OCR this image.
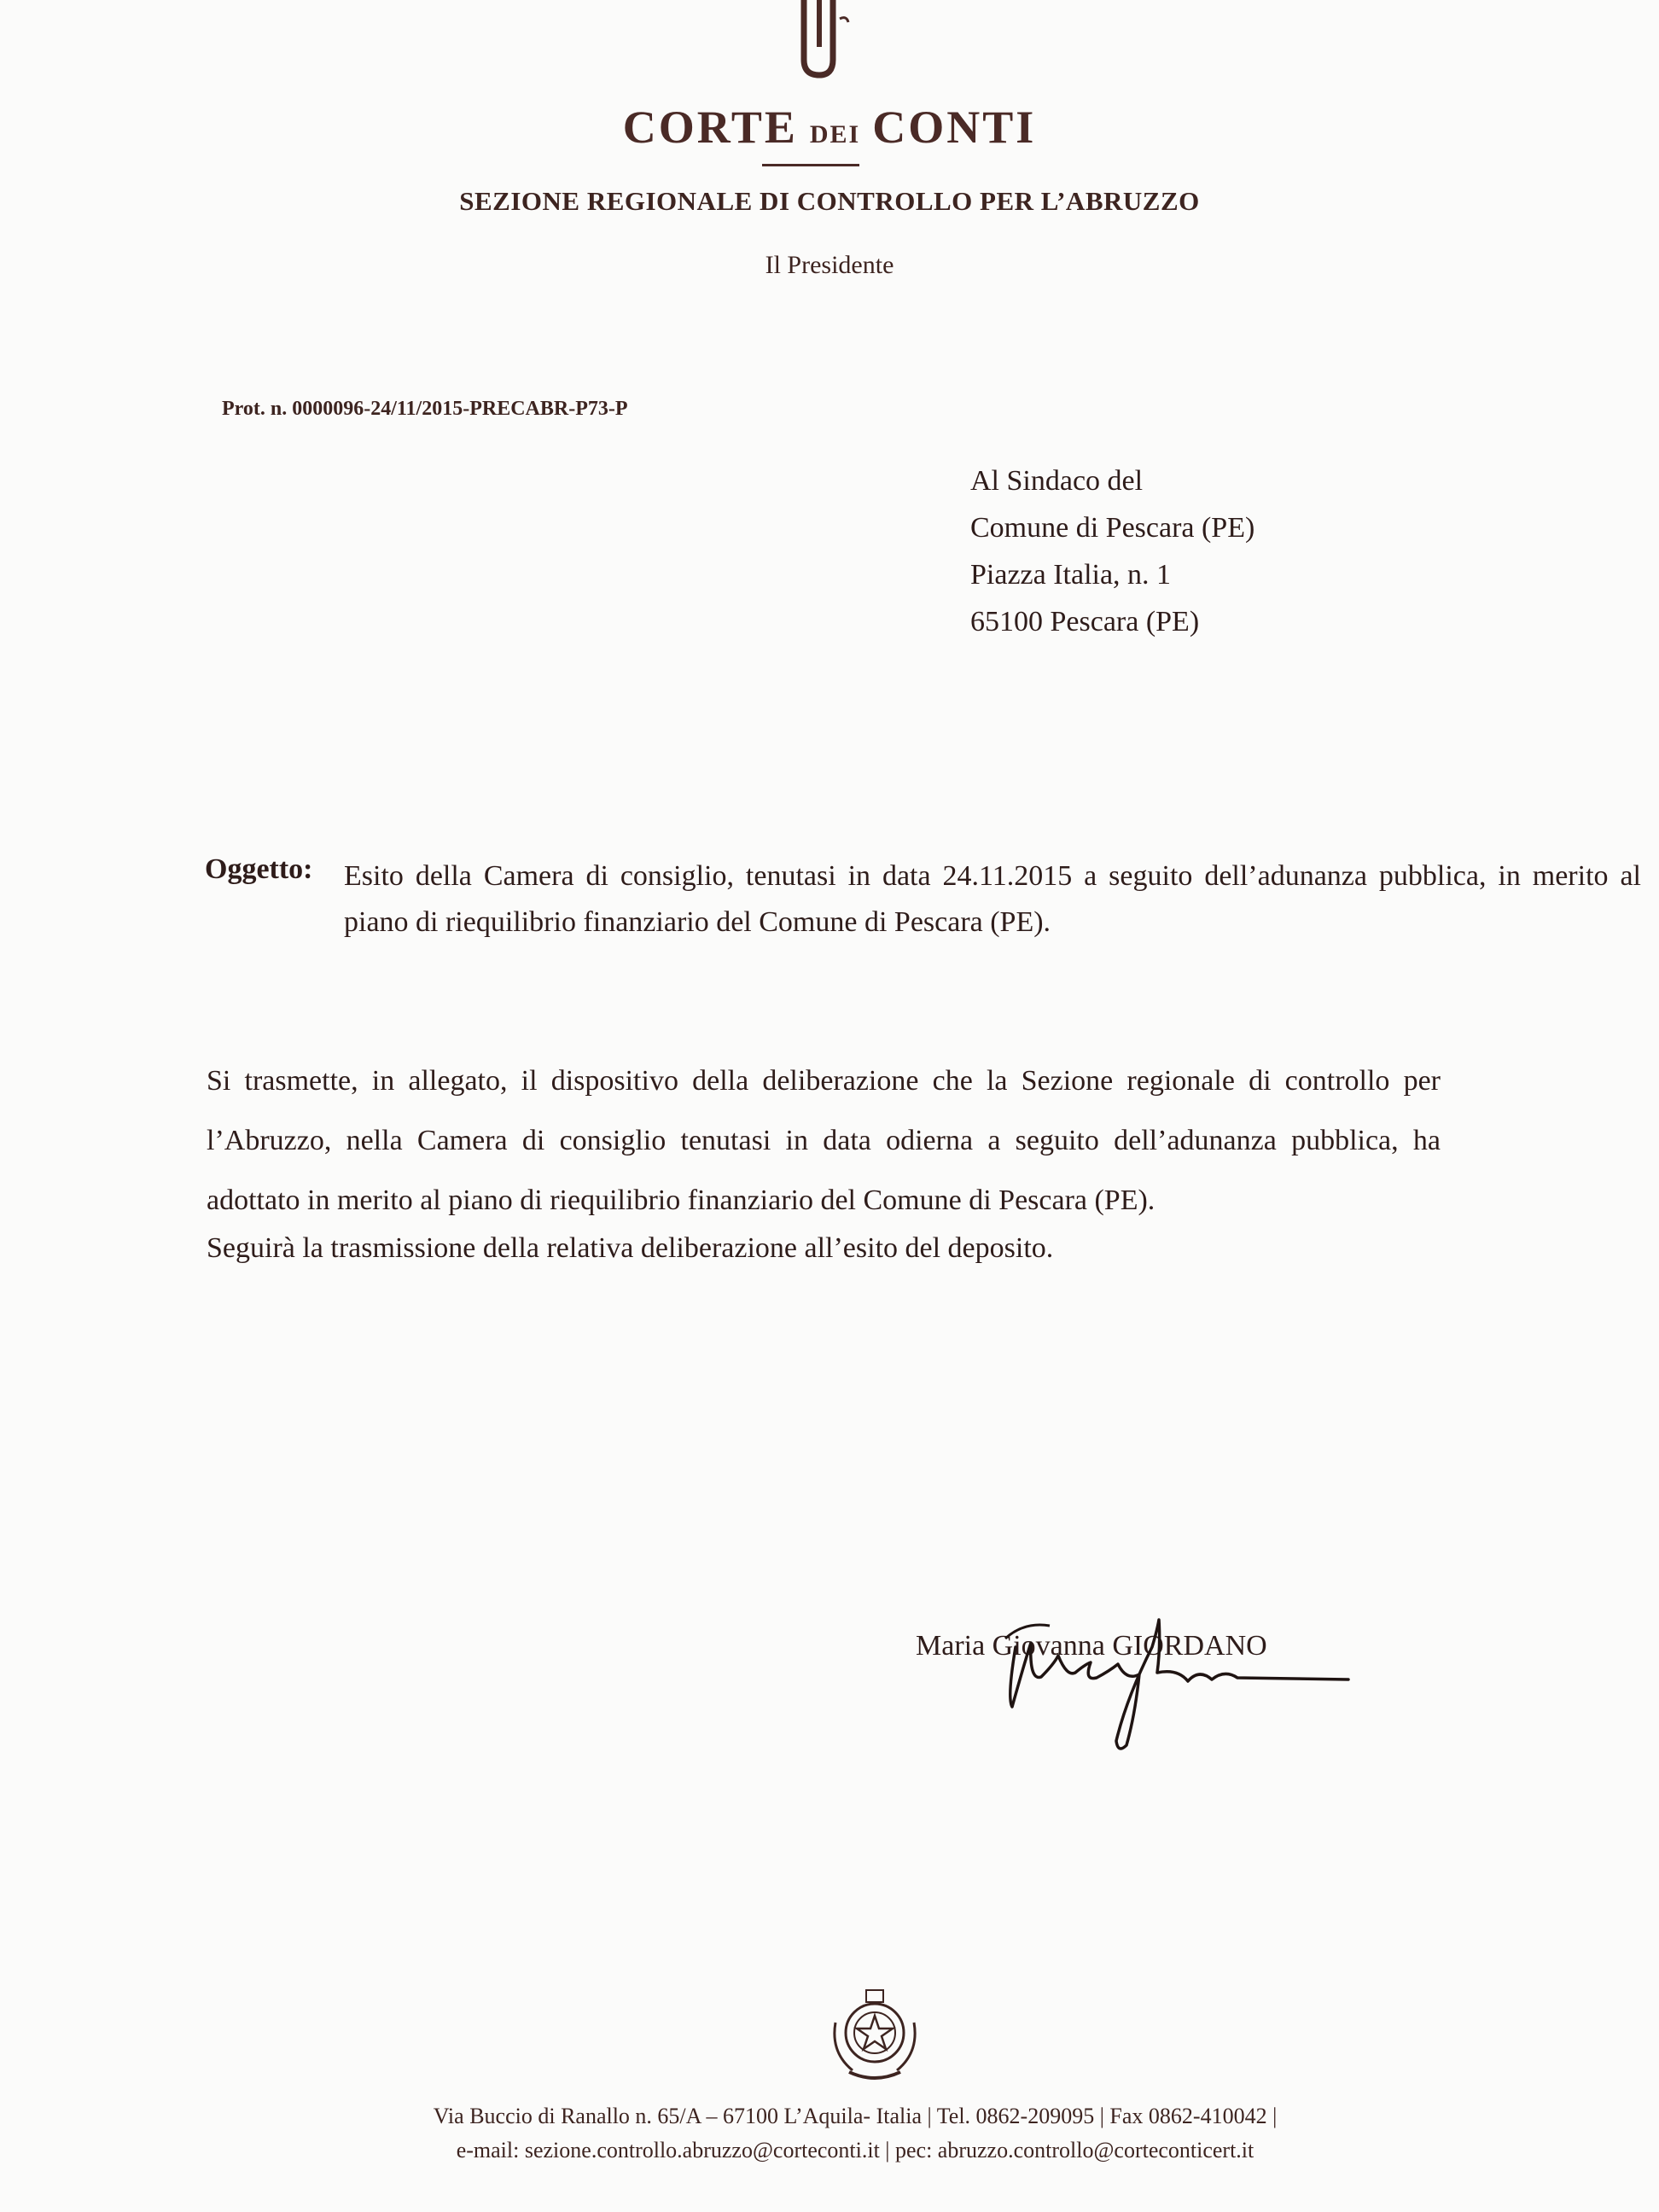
CORTE DEI CONTI
SEZIONE REGIONALE DI CONTROLLO PER L’ABRUZZO
Il Presidente
Prot. n. 0000096-24/11/2015-PRECABR-P73-P
Al Sindaco del
Comune di Pescara (PE)
Piazza Italia, n. 1
65100 Pescara (PE)
Oggetto: Esito della Camera di consiglio, tenutasi in data 24.11.2015 a seguito dell’adunanza pubblica, in merito al piano di riequilibrio finanziario del Comune di Pescara (PE).

Si trasmette, in allegato, il dispositivo della deliberazione che la Sezione regionale di controllo per l’Abruzzo, nella Camera di consiglio tenutasi in data odierna a seguito dell’adunanza pubblica, ha adottato in merito al piano di riequilibrio finanziario del Comune di Pescara (PE).

Seguirà la trasmissione della relativa deliberazione all’esito del deposito.

Maria Giovanna GIORDANO
Via Buccio di Ranallo n. 65/A – 67100 L’Aquila- Italia | Tel. 0862-209095 | Fax 0862-410042 |
e-mail: sezione.controllo.abruzzo@corteconti.it | pec: abruzzo.controllo@corteconticert.it
